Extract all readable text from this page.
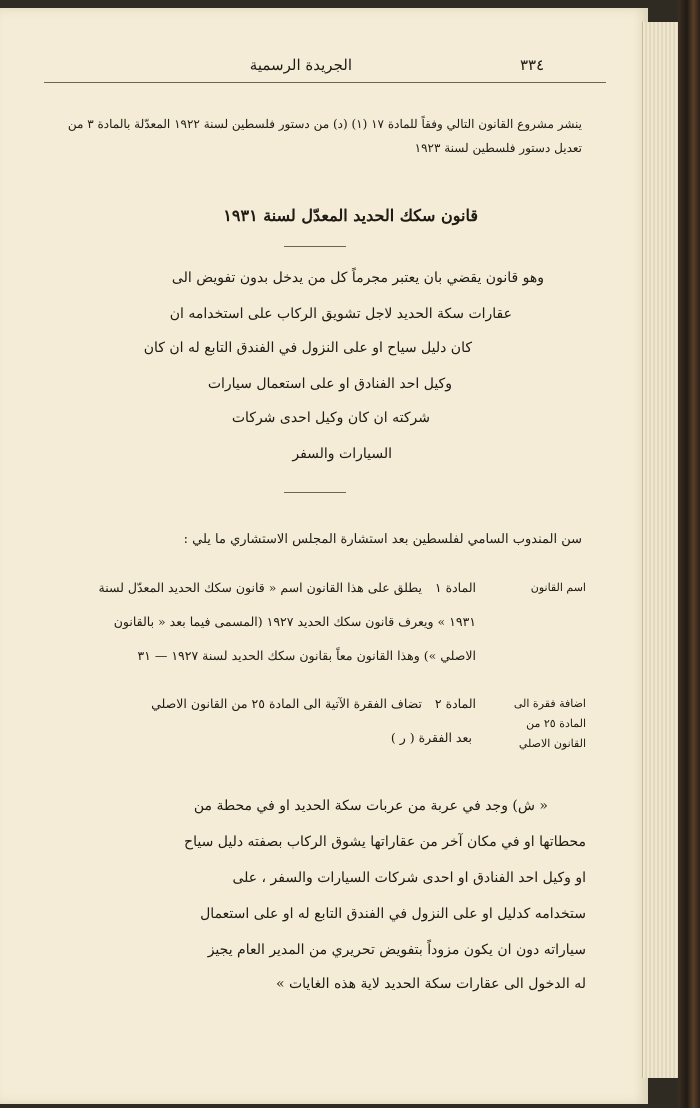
الجريدة الرسمية	٣٣٤
ينشر مشروع القانون التالي وفقاً للمادة ١٧ (١) (د) من دستور فلسطين لسنة ١٩٢٢ المعدّلة بالمادة ٣ من تعديل دستور فلسطين لسنة ١٩٢٣
قانون سكك الحديد المعدّل لسنة ١٩٣١
وهو قانون يقضي بان يعتبر مجرماً كل من يدخل بدون تفويض الى
عقارات سكة الحديد لاجل تشويق الركاب على استخدامه ان
كان دليل سياح او على النزول في الفندق التابع له ان كان
وكيل احد الفنادق او على استعمال سيارات
شركته ان كان وكيل احدى شركات
السيارات والسفر
سن المندوب السامي لفلسطين بعد استشارة المجلس الاستشاري ما يلي :
اسم القانون
المادة ١
يطلق على هذا القانون اسم « قانون سكك الحديد المعدّل لسنة
١٩٣١ » ويعرف قانون سكك الحديد ١٩٢٧ (المسمى فيما بعد « بالقانون
الاصلي ») وهذا القانون معاً بقانون سكك الحديد لسنة ١٩٢٧ — ٣١
اضافة فقرة الى المادة ٢٥ من القانون الاصلي
المادة ٢
تضاف الفقرة الآتية الى المادة ٢٥ من القانون الاصلي
بعد الفقرة ( ر )
« ش) وجد في عربة من عربات سكة الحديد او في محطة من
محطاتها او في مكان آخر من عقاراتها يشوق الركاب بصفته دليل سياح
او وكيل احد الفنادق او احدى شركات السيارات والسفر ، على
ستخدامه كدليل او على النزول في الفندق التابع له او على استعمال
سياراته دون ان يكون مزوداً بتفويض تحريري من المدير العام يجيز
له الدخول الى عقارات سكة الحديد لاية هذه الغايات »
